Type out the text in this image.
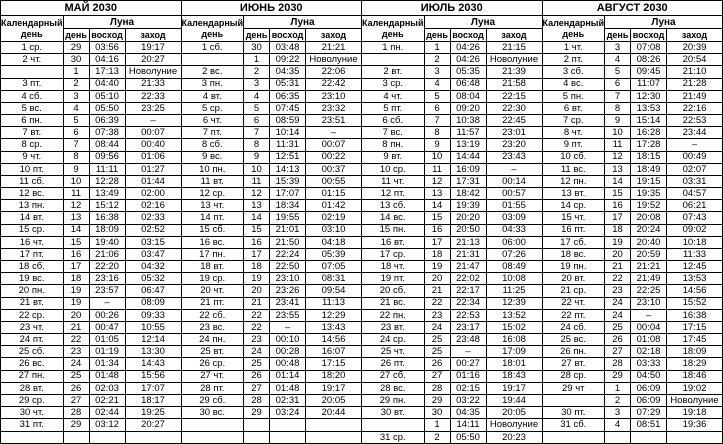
МАЙ 2030			
Календарный день	Луна		
	день	восход	заход
1 ср.	29	03:56	19:17
2 чт.	30	04:16	20:27
	1	17:13	Новолуние
3 пт.	2	04:40	21:33
4 сб.	3	05:10	22:33
5 вс.	4	05:50	23:25
6 пн.	5	06:39	–
7 вт.	6	07:38	00:07
8 ср.	7	08:44	00:40
9 чт.	8	09:56	01:06
10 пт.	9	11:11	01:27
11 сб.	10	12:28	01:44
12 вс.	11	13:49	02:00
13 пн.	12	15:12	02:16
14 вт.	13	16:38	02:33
15 ср.	14	18:09	02:52
16 чт.	15	19:40	03:15
17 пт.	16	21:06	03:47
18 сб.	17	22:20	04:32
19 вс.	18	23:16	05:32
20 пн.	19	23:57	06:47
21 вт.	19	–	08:09
22 ср.	20	00:26	09:33
23 чт.	21	00:47	10:55
24 пт.	22	01:05	12:14
25 сб.	23	01:19	13:30
26 вс.	24	01:34	14:43
27 пн.	25	01:48	15:56
28 вт.	26	02:03	17:07
29 ср.	27	02:21	18:17
30 чт.	28	02:44	19:25
31 пт.	29	03:12	20:27

ИЮНЬ 2030			
Календарный день	Луна		
	день	восход	заход
1 сб.	30	03:48	21:21
	1	09:22	Новолуние
2 вс.	2	04:35	22:06
3 пн.	3	05:31	22:42
4 вт.	4	06:35	23:10
5 ср.	5	07:45	23:32
6 чт.	6	08:59	23:51
7 пт.	7	10:14	–
8 сб.	8	11:31	00:07
9 вс.	9	12:51	00:22
10 пн.	10	14:13	00:37
11 вт.	11	15:39	00:55
12 ср.	12	17:07	01:15
13 чт.	13	18:34	01:42
14 пт.	14	19:55	02:19
15 сб.	15	21:01	03:10
16 вс.	16	21:50	04:18
17 пн.	17	22:24	05:39
18 вт.	18	22:50	07:05
19 ср.	19	23:10	08:31
20 чт.	20	23:26	09:54
21 пт.	21	23:41	11:13
22 сб.	22	23:55	12:29
23 вс.	22	–	13:43
24 пн.	23	00:10	14:56
25 вт.	24	00:28	16:07
26 ср.	25	00:48	17:15
27 чт.	26	01:14	18:20
28 пт.	27	01:48	19:17
29 сб.	28	02:31	20:05
30 вс.	29	03:24	20:44

ИЮЛЬ 2030			
Календарный день	Луна		
	день	восход	заход
1 пн.	1	04:26	21:15
	2	04:26	Новолуние
2 вт.	3	05:35	21:39
3 ср.	4	06:48	21:58
4 чт.	5	08:04	22:15
5 пт.	6	09:20	22:30
6 сб.	7	10:38	22:45
7 вс.	8	11:57	23:01
8 пн.	9	13:19	23:20
9 вт.	10	14:44	23:43
10 ср.	11	16:09	–
11 чт.	12	17:31	00:14
12 пт.	13	18:42	00:57
13 сб.	14	19:39	01:55
14 вс.	15	20:20	03:09
15 пн.	16	20:50	04:33
16 вт.	17	21:13	06:00
17 ср.	18	21:31	07:26
18 чт.	19	21:47	08:49
19 пт.	20	22:02	10:08
20 сб.	21	22:17	11:25
21 вс.	22	22:34	12:39
22 пн.	23	22:53	13:52
23 вт.	24	23:17	15:02
24 ср.	25	23:48	16:08
25 чт.	25	–	17:09
26 пт.	26	00:27	18:01
27 сб.	27	01:16	18:43
28 вс.	28	02:15	19:17
29 пн.	29	03:22	19:44
30 вт.	30	04:35	20:05
	1	14:11	Новолуние
31 ср.	2	05:50	20:23
АВГУСТ 2030			
Календарный день	Луна		
	день	восход	заход
1 чт.	3	07:08	20:39
2 пт.	4	08:26	20:54
3 сб.	5	09:45	21:10
4 вс.	6	11:07	21:28
5 пн.	7	12:30	21:49
6 вт.	8	13:53	22:16
7 ср.	9	15:14	22:53
8 чт.	10	16:28	23:44
9 пт.	11	17:28	–
10 сб.	12	18:15	00:49
11 вс.	13	18:49	02:07
12 пн.	14	19:15	03:31
13 вт.	15	19:35	04:57
14 ср.	16	19:52	06:21
15 чт.	17	20:08	07:43
16 пт.	18	20:24	09:02
17 сб.	19	20:40	10:18
18 вс.	20	20:59	11:33
19 пн.	21	21:21	12:45
20 вт.	22	21:49	13:53
21 ср.	23	22:25	14:56
22 чт.	24	23:10	15:52
22 пт.	24	–	16:38
24 сб.	25	00:04	17:15
25 вс.	26	01:08	17:45
26 пн.	27	02:18	18:09
27 вт.	28	03:33	18:29
28 ср.	29	04:50	18:46
29 чт	1	06:09	19:02
	2	06:09	Новолуние
30 пт.	3	07:29	19:18
31 сб.	4	08:51	19:36
